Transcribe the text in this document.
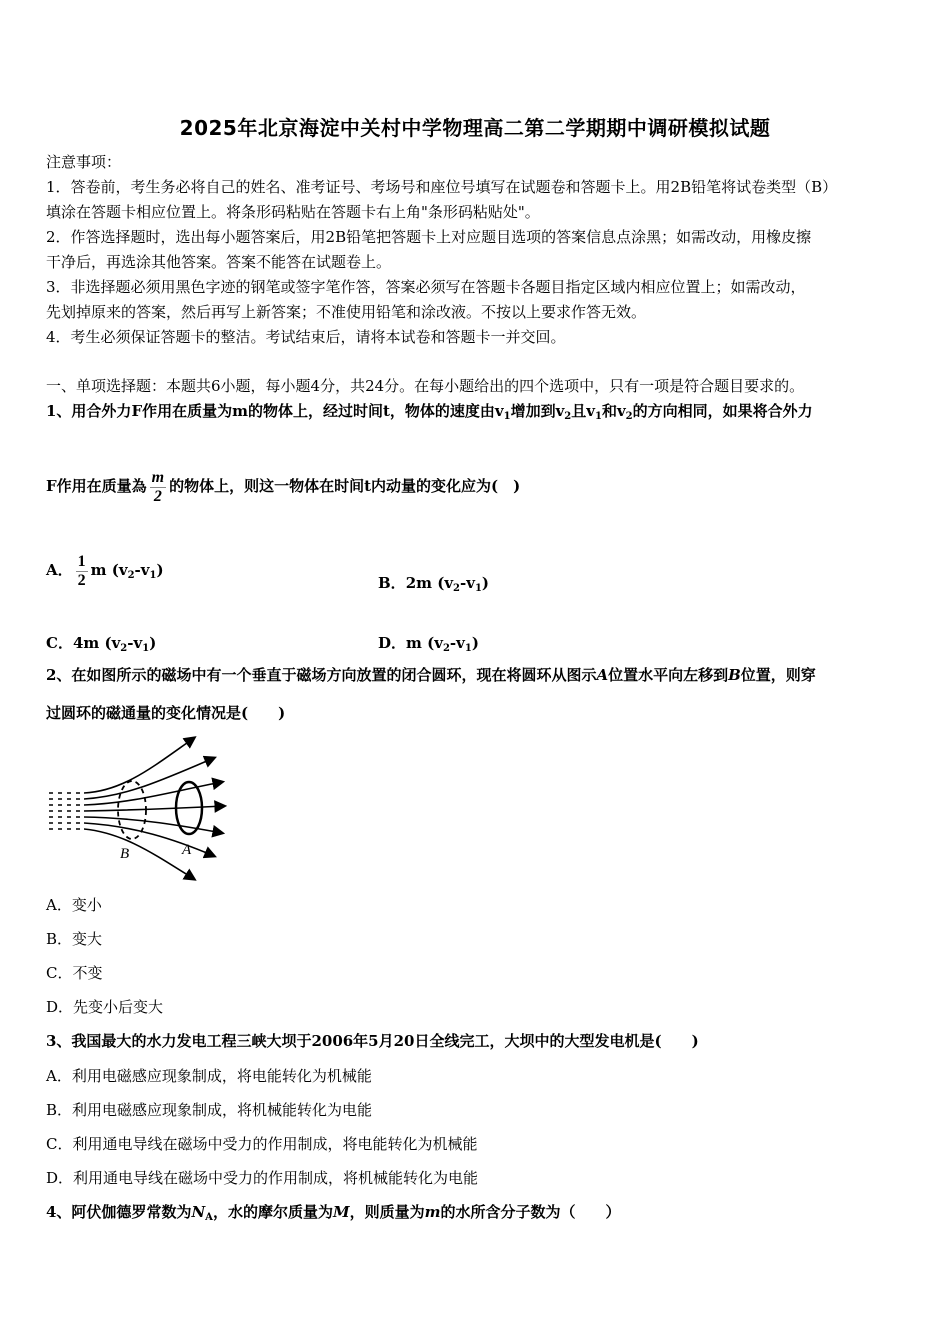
2025年北京海淀中关村中学物理高二第二学期期中调研模拟试题
注意事项：
1．答卷前，考生务必将自己的姓名、准考证号、考场号和座位号填写在试题卷和答题卡上。用2B铅笔将试卷类型（B）
填涂在答题卡相应位置上。将条形码粘贴在答题卡右上角"条形码粘贴处"。
2．作答选择题时，选出每小题答案后，用2B铅笔把答题卡上对应题目选项的答案信息点涂黑；如需改动，用橡皮擦
干净后，再选涂其他答案。答案不能答在试题卷上。
3．非选择题必须用黑色字迹的钢笔或签字笔作答，答案必须写在答题卡各题目指定区域内相应位置上；如需改动，
先划掉原来的答案，然后再写上新答案；不准使用铅笔和涂改液。不按以上要求作答无效。
4．考生必须保证答题卡的整洁。考试结束后，请将本试卷和答题卡一并交回。
一、单项选择题：本题共6小题，每小题4分，共24分。在每小题给出的四个选项中，只有一项是符合题目要求的。
1、用合外力F作用在质量为m的物体上，经过时间t，物体的速度由$v_1$增加到$v_2$且$v_1$和$v_2$的方向相同，如果将合外力
F作用在质量為 $\frac{m}{2}$ 的物体上，则这一物体在时间t内动量的变化应为(　)
A． $\frac{1}{2}$ m $(v_2-v_1)$
B．2m $(v_2-v_1)$
C．4m $(v_2-v_1)$	D．m $(v_2-v_1)$
2、在如图所示的磁场中有一个垂直于磁场方向放置的闭合圆环，现在将圆环从图示A位置水平向左移到B位置，则穿
过圆环的磁通量的变化情况是(　　)
B	A
A．变小
B．变大
C．不变
D．先变小后变大
3、我国最大的水力发电工程三峡大坝于2006年5月20日全线完工，大坝中的大型发电机是(　　)
A．利用电磁感应现象制成，将电能转化为机械能
B．利用电磁感应现象制成，将机械能转化为电能
C．利用通电导线在磁场中受力的作用制成，将电能转化为机械能
D．利用通电导线在磁场中受力的作用制成，将机械能转化为电能
4、阿伏伽德罗常数为$N_A$，水的摩尔质量为M，则质量为m的水所含分子数为（　　）
